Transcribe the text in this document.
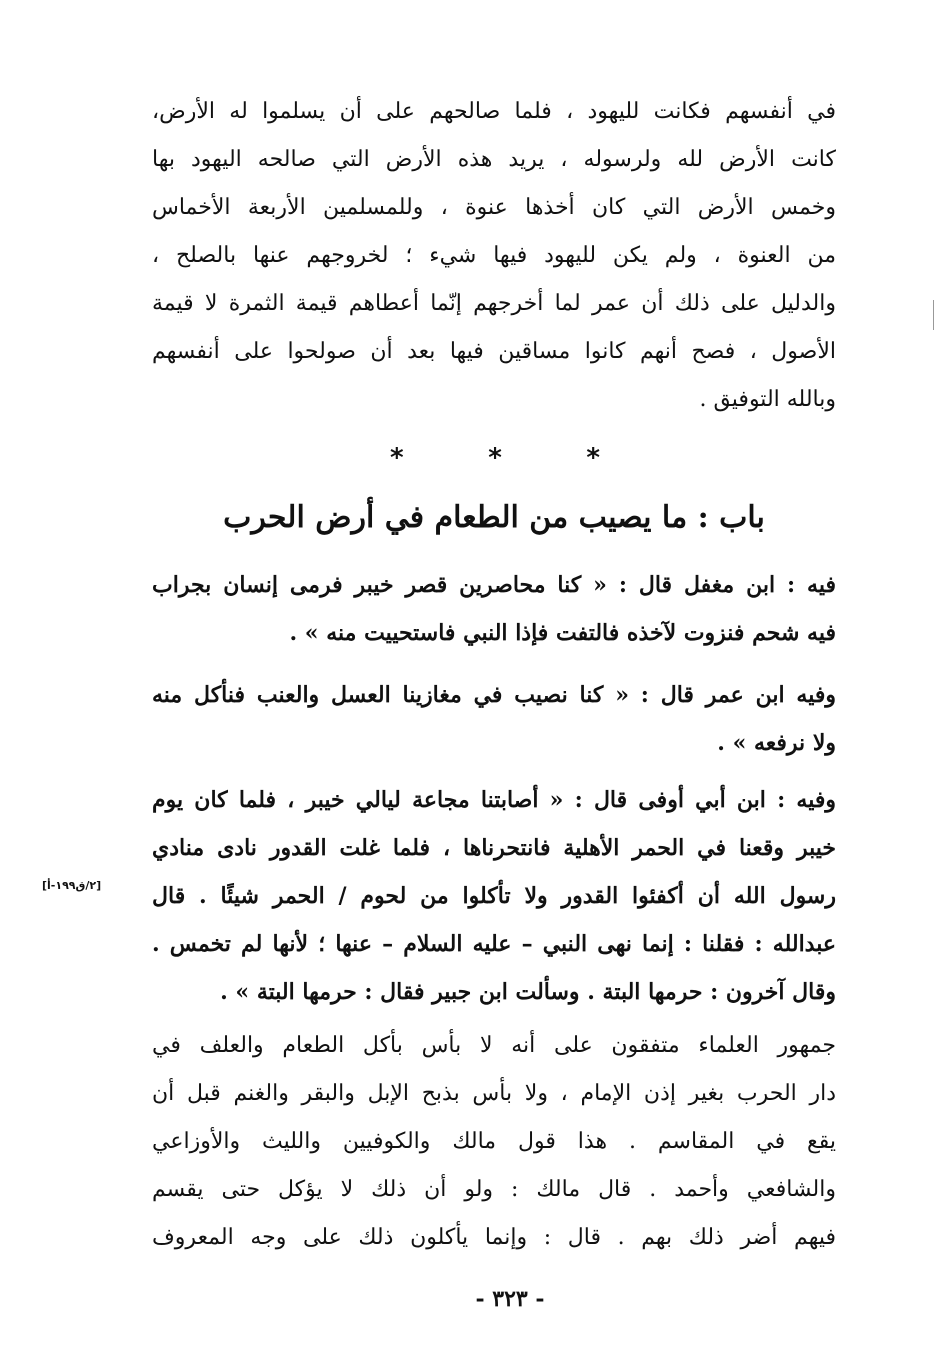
في أنفسهم فكانت لليهود ، فلما صالحهم على أن يسلموا له الأرض،
كانت الأرض لله ولرسوله ، يريد هذه الأرض التي صالحه اليهود بها
وخمس الأرض التي كان أخذها عنوة ، وللمسلمين الأربعة الأخماس
من العنوة ، ولم يكن لليهود فيها شيء ؛ لخروجهم عنها بالصلح ،
والدليل على ذلك أن عمر لما أخرجهم إنّما أعطاهم قيمة الثمرة لا قيمة
الأصول ، فصح أنهم كانوا مساقين فيها بعد أن صولحوا على أنفسهم
وبالله التوفيق .
*	*	*
باب : ما يصيب من الطعام في أرض الحرب
فيه : ابن مغفل قال : « كنا محاصرين قصر خيبر فرمى إنسان بجراب
فيه شحم فنزوت لآخذه فالتفت فإذا النبي فاستحييت منه » .
وفيه ابن عمر قال : « كنا نصيب في مغازينا العسل والعنب فنأكل منه
ولا نرفعه » .
وفيه : ابن أبي أوفى قال : « أصابتنا مجاعة ليالي خيبر ، فلما كان يوم
خيبر وقعنا في الحمر الأهلية فانتحرناها ، فلما غلت القدور نادى منادي
رسول الله أن أكفئوا القدور ولا تأكلوا من لحوم / الحمر شيئًا . قال
عبدالله : فقلنا : إنما نهى النبي – عليه السلام – عنها ؛ لأنها لم تخمس .
وقال آخرون : حرمها البتة . وسألت ابن جبير فقال : حرمها البتة » .
[٢/ق١٩٩-أ]
جمهور العلماء متفقون على أنه لا بأس بأكل الطعام والعلف في
دار الحرب بغير إذن الإمام ، ولا بأس بذبح الإبل والبقر والغنم قبل أن
يقع في المقاسم . هذا قول مالك والكوفيين والليث والأوزاعي
والشافعي وأحمد . قال مالك : ولو أن ذلك لا يؤكل حتى يقسم
فيهم أضر ذلك بهم . قال : وإنما يأكلون ذلك على وجه المعروف
- ٣٢٣ -
